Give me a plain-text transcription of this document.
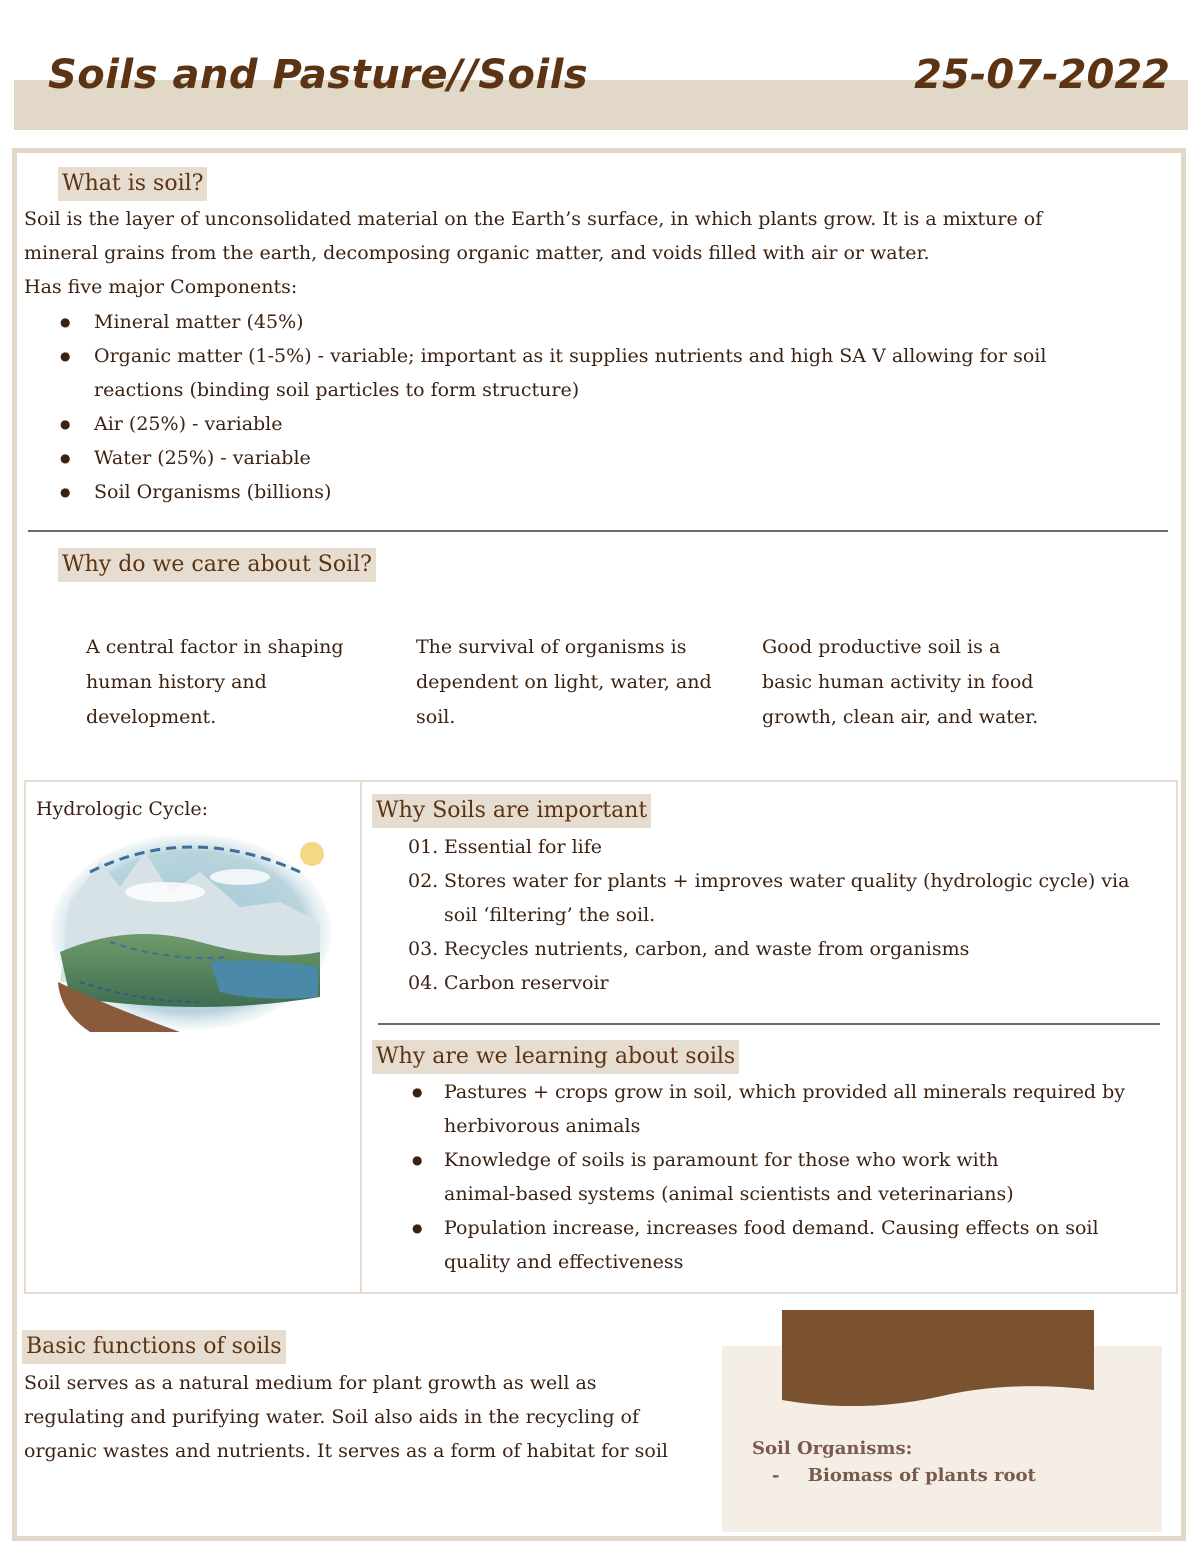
Soils and Pasture//Soils	25-07-2022
What is soil?
Soil is the layer of unconsolidated material on the Earth’s surface, in which plants grow. It is a mixture of
mineral grains from the earth, decomposing organic matter, and voids filled with air or water.
Has five major Components:
● Mineral matter (45%)
● Organic matter (1-5%) - variable; important as it supplies nutrients and high SA V allowing for soil
reactions (binding soil particles to form structure)
● Air (25%) - variable
● Water (25%) - variable
● Soil Organisms (billions)
Why do we care about Soil?
A central factor in shaping
human history and
development.
The survival of organisms is
dependent on light, water, and
soil.
Good productive soil is a
basic human activity in food
growth, clean air, and water.
Hydrologic Cycle:	Why Soils are important
01. Essential for life
02. Stores water for plants + improves water quality (hydrologic cycle) via
soil ‘filtering’ the soil.
03. Recycles nutrients, carbon, and waste from organisms
04. Carbon reservoir
Why are we learning about soils
● Pastures + crops grow in soil, which provided all minerals required by
herbivorous animals
● Knowledge of soils is paramount for those who work with
animal-based systems (animal scientists and veterinarians)
● Population increase, increases food demand. Causing effects on soil
quality and effectiveness
Basic functions of soils
Soil serves as a natural medium for plant growth as well as
regulating and purifying water. Soil also aids in the recycling of
organic wastes and nutrients. It serves as a form of habitat for soil	Soil Organisms:
- Biomass of plants root
